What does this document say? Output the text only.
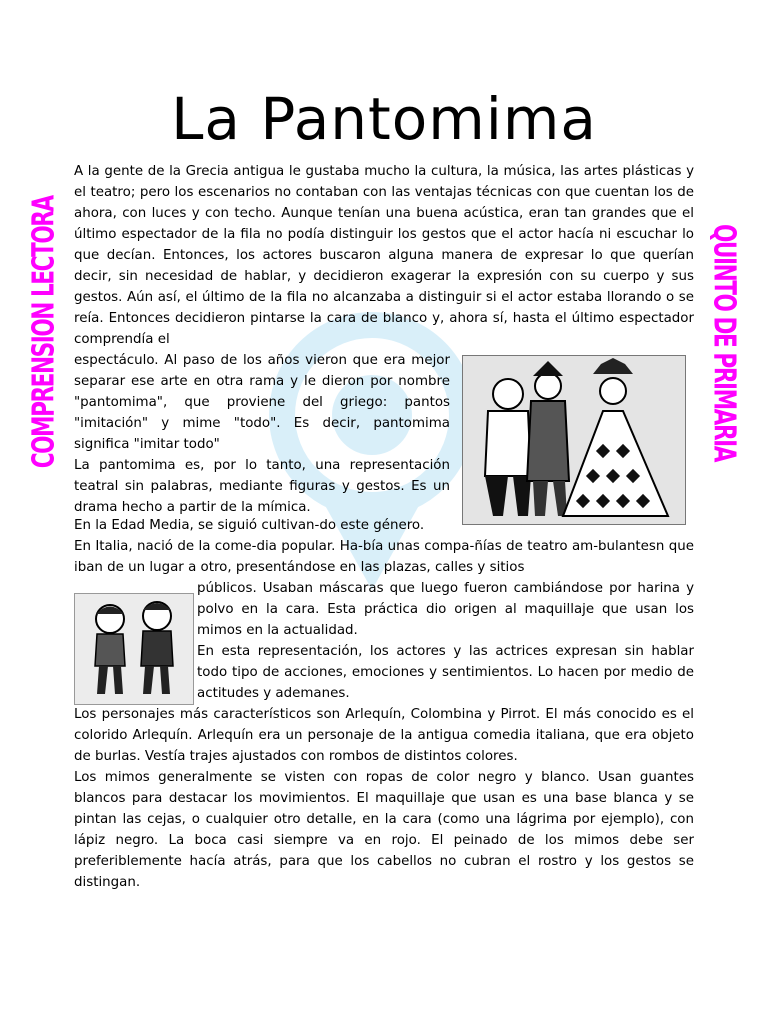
La Pantomima
COMPRENSION LECTORA	QUINTO DE PRIMARIA

A la gente de la Grecia antigua le gustaba mucho la cultura, la música, las artes plásticas y el teatro; pero los escenarios no contaban con las ventajas técnicas con que cuentan los de ahora, con luces y con techo. Aunque tenían una buena acústica, eran tan grandes que el último espectador de la fila no podía distinguir los gestos que el actor hacía ni escuchar lo que decían. Entonces, los actores buscaron alguna manera de expresar lo que querían decir, sin necesidad de hablar, y decidieron exagerar la expresión con su cuerpo y sus gestos. Aún así, el último de la fila no alcanzaba a distinguir si el actor estaba llorando o se reía. Entonces decidieron pintarse la cara de blanco y, ahora sí, hasta el último espectador comprendía el

espectáculo. Al paso de los años vieron que era mejor separar ese arte en otra rama y le dieron por nombre "pantomima", que proviene del griego: pantos "imitación" y mime "todo". Es decir, pantomima significa "imitar todo"

La pantomima es, por lo tanto, una representación teatral sin palabras, mediante figuras y gestos. Es un drama hecho a partir de la mímica.

En la Edad Media, se siguió cultivan-do este género.

En Italia, nació de la come-dia popular. Ha-bía unas compa-ñías de teatro am-bulantesn que iban de un lugar a otro, presentándose en las plazas, calles y sitios

públicos. Usaban máscaras que luego fueron cambiándose por harina y polvo en la cara. Esta práctica dio origen al maquillaje que usan los mimos en la actualidad.

En esta representación, los actores y las actrices expresan sin hablar todo tipo de acciones, emociones y sentimientos. Lo hacen por medio de actitudes y ademanes.

Los personajes más característicos son Arlequín, Colombina y Pirrot. El más conocido es el colorido Arlequín. Arlequín era un personaje de la antigua comedia italiana, que era objeto de burlas. Vestía trajes ajustados con rombos de distintos colores.

Los mimos generalmente se visten con ropas de color negro y blanco. Usan guantes blancos para destacar los movimientos. El maquillaje que usan es una base blanca y se pintan las cejas, o cualquier otro detalle, en la cara (como una lágrima por ejemplo), con lápiz negro. La boca casi siempre va en rojo. El peinado de los mimos debe ser preferiblemente hacía atrás, para que los cabellos no cubran el rostro y los gestos se distingan.
